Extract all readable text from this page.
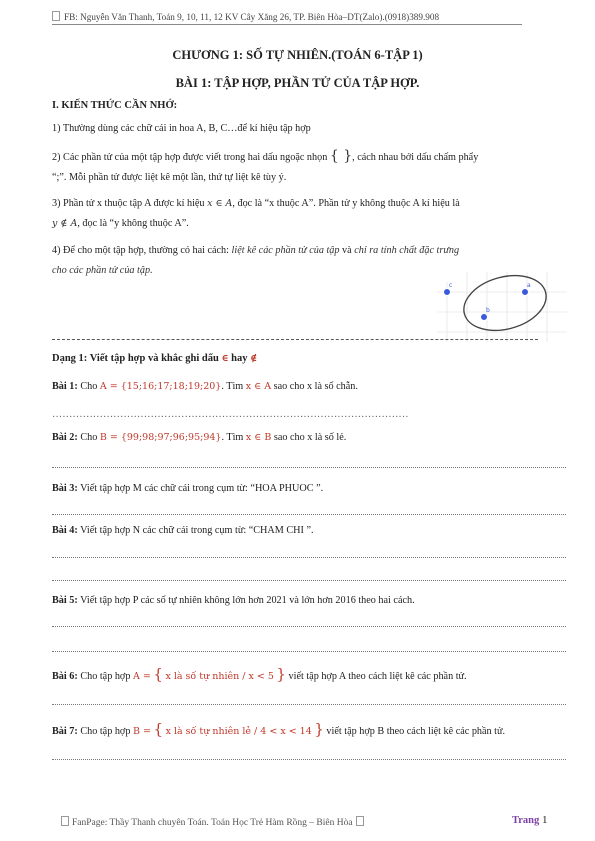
FB: Nguyễn Văn Thanh, Toán 9, 10, 11, 12 KV Cây Xăng 26, TP. Biên Hòa–DT(Zalo).(0918)389.908
CHƯƠNG 1: SỐ TỰ NHIÊN.(TOÁN 6-TẬP 1)
BÀI 1: TẬP HỢP, PHẦN TỬ CỦA TẬP HỢP.
I. KIẾN THỨC CẦN NHỚ:
1) Thường dùng các chữ cái in hoa A, B, C…để kí hiệu tập hợp
2) Các phần tử của một tập hợp được viết trong hai dấu ngoặc nhọn { }, cách nhau bởi dấu chấm phẩy
“;”. Mỗi phần tử được liệt kê một lần, thứ tự liệt kê tùy ý.
3) Phần tử x thuộc tập A được kí hiệu x ∈ A, đọc là “x thuộc A”. Phần tử y không thuộc A kí hiệu là
y ∉ A, đọc là “y không thuộc A”.
4) Để cho một tập hợp, thường có hai cách: liệt kê các phần tử của tập và chỉ ra tính chất đặc trưng
cho các phần tử của tập.
c	a
b
Dạng 1: Viết tập hợp và khắc ghi dấu ∈ hay ∉
Bài 1: Cho A = {15;16;17;18;19;20}. Tìm x ∈ A sao cho x là số chẵn.
……………………………………………………………………………………………
Bài 2: Cho B = {99;98;97;96;95;94}. Tìm x ∈ B sao cho x là số lẻ.
Bài 3: Viết tập hợp M các chữ cái trong cụm từ: “HOA PHUOC ”.
Bài 4: Viết tập hợp N các chữ cái trong cụm từ: “CHAM CHI ”.
Bài 5: Viết tập hợp P các số tự nhiên không lớn hơn 2021 và lớn hơn 2016 theo hai cách.
Bài 6: Cho tập hợp A = { x là số tự nhiên / x < 5 } viết tập hợp A theo cách liệt kê các phần tử.
Bài 7: Cho tập hợp B = { x là số tự nhiên lẻ / 4 < x < 14 } viết tập hợp B theo cách liệt kê các phần tử.
FanPage: Thầy Thanh chuyên Toán. Toán Học Trẻ Hàm Rồng – Biên Hòa	Trang 1
